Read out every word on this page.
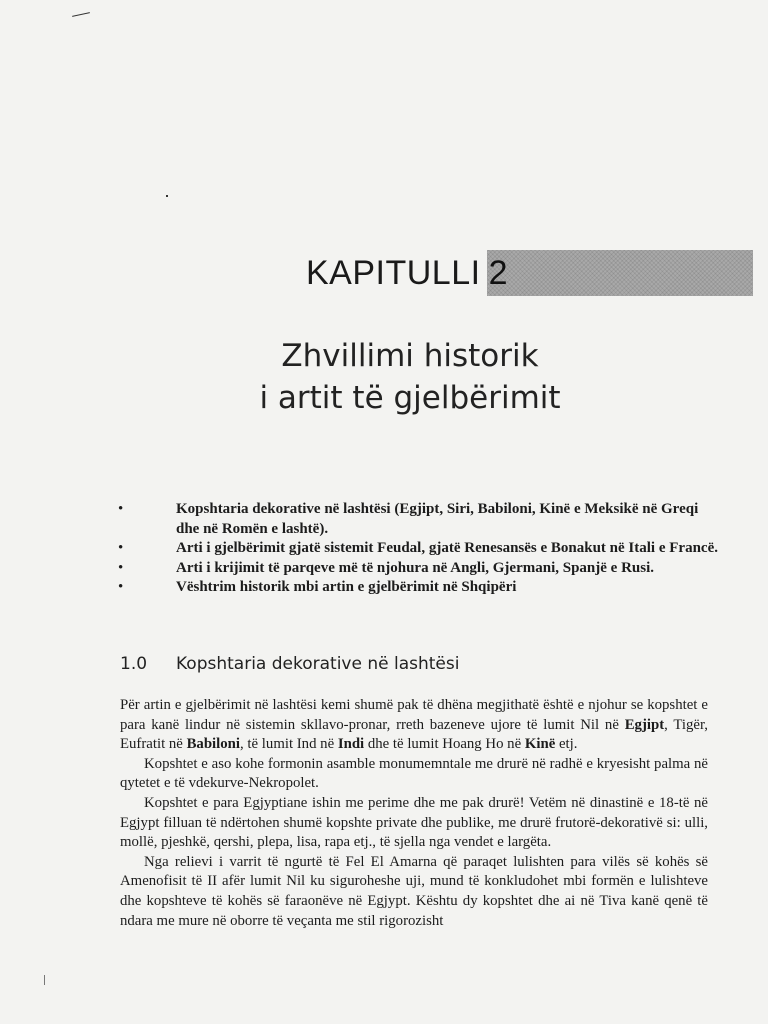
KAPITULLI 2
Zhvillimi historik
i artit të gjelbërimit
•	Kopshtaria dekorative në lashtësi (Egjipt, Siri, Babiloni, Kinë e Meksikë në Greqi dhe në Romën e lashtë).
•	Arti i gjelbërimit gjatë sistemit Feudal, gjatë Renesansës e Bonakut në Itali e Francë.
•	Arti i krijimit të parqeve më të njohura në Angli, Gjermani, Spanjë e Rusi.
•	Vështrim historik mbi artin e gjelbërimit në Shqipëri
1.0 Kopshtaria dekorative në lashtësi

Për artin e gjelbërimit në lashtësi kemi shumë pak të dhëna megjithatë është e njohur se kopshtet e para kanë lindur në sistemin skllavo-pronar, rreth bazeneve ujore të lumit Nil në Egjipt, Tigër, Eufratit në Babiloni, të lumit Ind në Indi dhe të lumit Hoang Ho në Kinë etj.

Kopshtet e aso kohe formonin asamble monumemntale me drurë në radhë e kryesisht palma në qytetet e të vdekurve-Nekropolet.

Kopshtet e para Egjyptiane ishin me perime dhe me pak drurë! Vetëm në dinastinë e 18-të në Egjypt filluan të ndërtohen shumë kopshte private dhe publike, me drurë frutorë-dekorativë si: ulli, mollë, pjeshkë, qershi, plepa, lisa, rapa etj., të sjella nga vendet e largëta.

Nga relievi i varrit të ngurtë të Fel El Amarna që paraqet lulishten para vilës së kohës së Amenofisit të II afër lumit Nil ku siguroheshe uji, mund të konkludohet mbi formën e lulishteve dhe kopshteve të kohës së faraonëve në Egjypt. Kështu dy kopshtet dhe ai në Tiva kanë qenë të ndara me mure në oborre të veçanta me stil rigorozisht
